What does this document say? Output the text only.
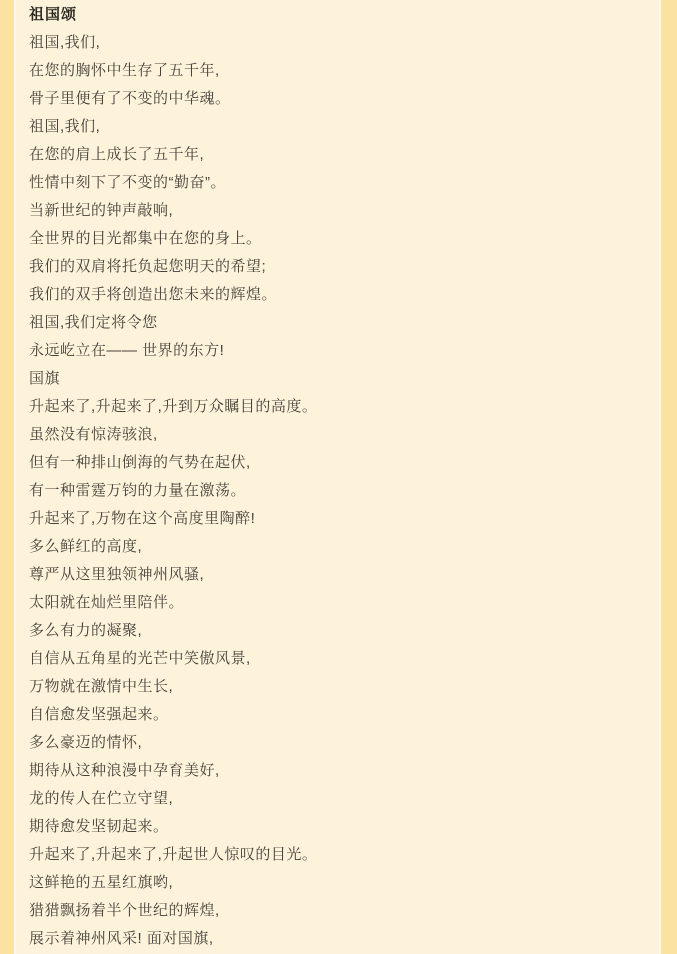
祖国颂

祖国,我们,

在您的胸怀中生存了五千年,

骨子里便有了不变的中华魂。

祖国,我们,

在您的肩上成长了五千年,

性情中刻下了不变的“勤奋”。

当新世纪的钟声敲响,

全世界的目光都集中在您的身上。

我们的双肩将托负起您明天的希望;

我们的双手将创造出您未来的辉煌。

祖国,我们定将令您

永远屹立在—— 世界的东方!

国旗

升起来了,升起来了,升到万众瞩目的高度。

虽然没有惊涛骇浪,

但有一种排山倒海的气势在起伏,

有一种雷霆万钧的力量在激荡。

升起来了,万物在这个高度里陶醉!

多么鲜红的高度,

尊严从这里独领神州风骚,

太阳就在灿烂里陪伴。

多么有力的凝聚,

自信从五角星的光芒中笑傲风景,

万物就在激情中生长,

自信愈发坚强起来。

多么豪迈的情怀,

期待从这种浪漫中孕育美好,

龙的传人在伫立守望,

期待愈发坚韧起来。

升起来了,升起来了,升起世人惊叹的目光。

这鲜艳的五星红旗哟,

猎猎飘扬着半个世纪的辉煌,

展示着神州风采! 面对国旗,
